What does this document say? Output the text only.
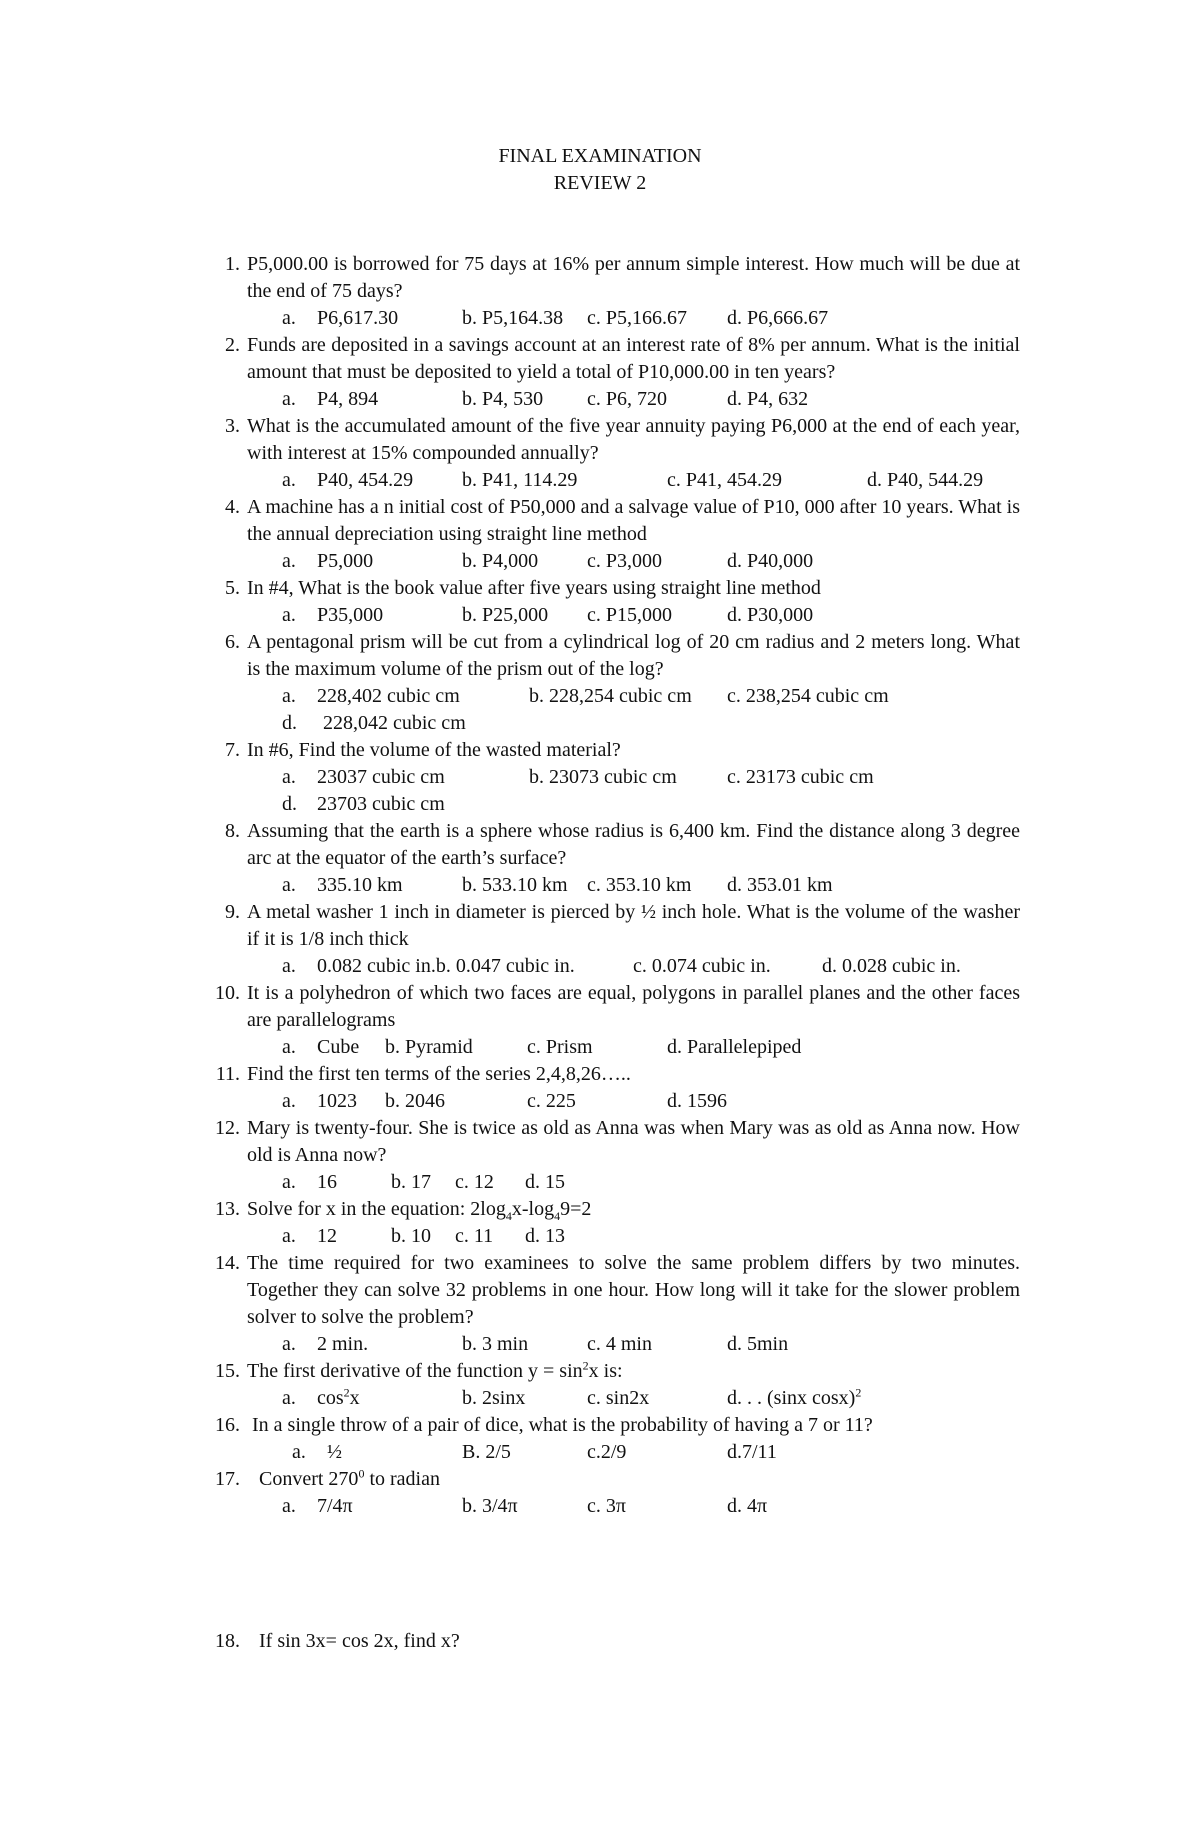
FINAL EXAMINATION
REVIEW 2
1. P5,000.00 is borrowed for 75 days at 16% per annum simple interest. How much will be due at the end of 75 days?
a. P6,617.30	b. P5,164.38 c. P5,166.67 d. P6,666.67
2. Funds are deposited in a savings account at an interest rate of 8% per annum. What is the initial amount that must be deposited to yield a total of P10,000.00 in ten years?
a. P4, 894	b. P4, 530 c. P6, 720	d. P4, 632
3. What is the accumulated amount of the five year annuity paying P6,000 at the end of each year, with interest at 15% compounded annually?
a. P40, 454.29 b. P41, 114.29	c. P41, 454.29	d. P40, 544.29
4. A machine has a n initial cost of P50,000 and a salvage value of P10, 000 after 10 years. What is the annual depreciation using straight line method
a. P5,000	b. P4,000 c. P3,000	d. P40,000
5. In #4, What is the book value after five years using straight line method
a. P35,000	b. P25,000 c. P15,000	d. P30,000
6. A pentagonal prism will be cut from a cylindrical log of 20 cm radius and 2 meters long. What is the maximum volume of the prism out of the log?
a. 228,402 cubic cm	b. 228,254 cubic cm c. 238,254 cubic cm
d. 228,042 cubic cm
7. In #6, Find the volume of the wasted material?
a. 23037 cubic cm	b. 23073 cubic cm	c. 23173 cubic cm
d. 23703 cubic cm
8. Assuming that the earth is a sphere whose radius is 6,400 km. Find the distance along 3 degree arc at the equator of the earth’s surface?
a. 335.10 km	b. 533.10 km c. 353.10 km d. 353.01 km
9. A metal washer 1 inch in diameter is pierced by ½ inch hole. What is the volume of the washer if it is 1/8 inch thick
a. 0.082 cubic in.b. 0.047 cubic in.	c. 0.074 cubic in.	d. 0.028 cubic in.
10. It is a polyhedron of which two faces are equal, polygons in parallel planes and the other faces are parallelograms
a. Cube b. Pyramid	c. Prism	d. Parallelepiped
11. Find the first ten terms of the series 2,4,8,26…..
a. 1023 b. 2046	c. 225	d. 1596
12. Mary is twenty-four. She is twice as old as Anna was when Mary was as old as Anna now. How old is Anna now?
a. 16	b. 17 c. 12 d. 15
13. Solve for x in the equation: $2\log_4x-\log_49=2$
a. 12	b. 10 c. 11 d. 13
14. The time required for two examinees to solve the same problem differs by two minutes. Together they can solve 32 problems in one hour. How long will it take for the slower problem solver to solve the problem?
a. 2 min.	b. 3 min	c. 4 min	d. 5min
15. The first derivative of the function $y = \sin^2x$ is:
a. $\cos^2x$	b. 2sinx	c. sin2x	d. . . (sinx cosx)$^2$
16. In a single throw of a pair of dice, what is the probability of having a 7 or 11?
a. ½	B. 2/5	c.2/9	d.7/11
17. Convert $270^0$ to radian
a. 7/4π	b. 3/4π	c. 3π	d. 4π
18. If sin 3x= cos 2x, find x?
